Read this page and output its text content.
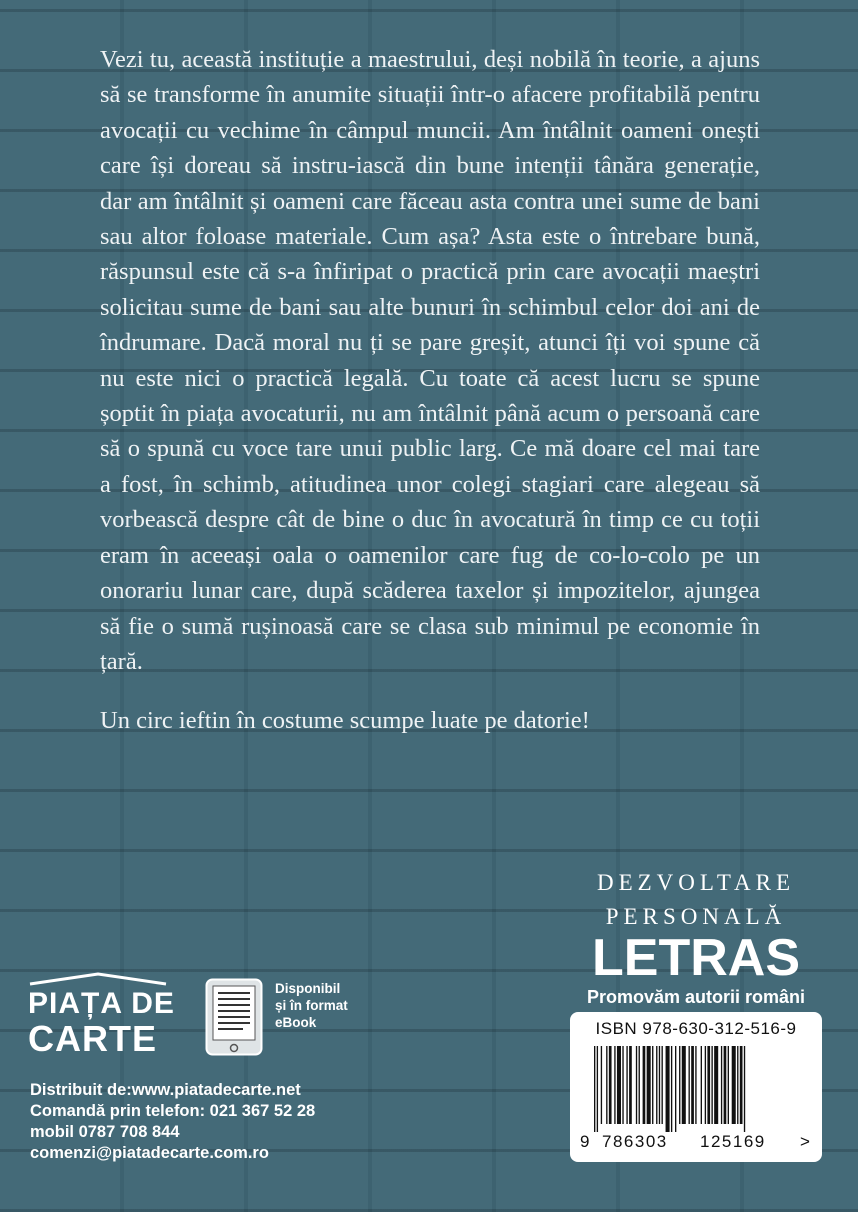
Vezi tu, această instituție a maestrului, deși nobilă în teorie, a ajuns să se transforme în anumite situații într-o afacere profitabilă pentru avocații cu vechime în câmpul muncii. Am întâlnit oameni onești care își doreau să instru-iască din bune intenții tânăra generație, dar am întâlnit și oameni care făceau asta contra unei sume de bani sau altor foloase materiale. Cum așa? Asta este o întrebare bună, răspunsul este că s-a înfiripat o practică prin care avocații maeștri solicitau sume de bani sau alte bunuri în schimbul celor doi ani de îndrumare. Dacă moral nu ți se pare greșit, atunci îți voi spune că nu este nici o practică legală. Cu toate că acest lucru se spune șoptit în piața avocaturii, nu am întâlnit până acum o persoană care să o spună cu voce tare unui public larg. Ce mă doare cel mai tare a fost, în schimb, atitudinea unor colegi stagiari care alegeau să vorbească despre cât de bine o duc în avocatură în timp ce cu toții eram în aceeași oala o oamenilor care fug de co-lo-colo pe un onorariu lunar care, după scăderea taxelor și impozitelor, ajungea să fie o sumă rușinoasă care se clasa sub minimul pe economie în țară.

Un circ ieftin în costume scumpe luate pe datorie!

DEZVOLTARE
PERSONALĂ
LETRAS
Promovăm autorii români
ISBN 978-630-312-516-9
9 786303 125169 >
PIAȚA DE
CARTE
Disponibil
și în format
eBook
Distribuit de:www.piatadecarte.net
Comandă prin telefon: 021 367 52 28
mobil 0787 708 844
comenzi@piatadecarte.com.ro
